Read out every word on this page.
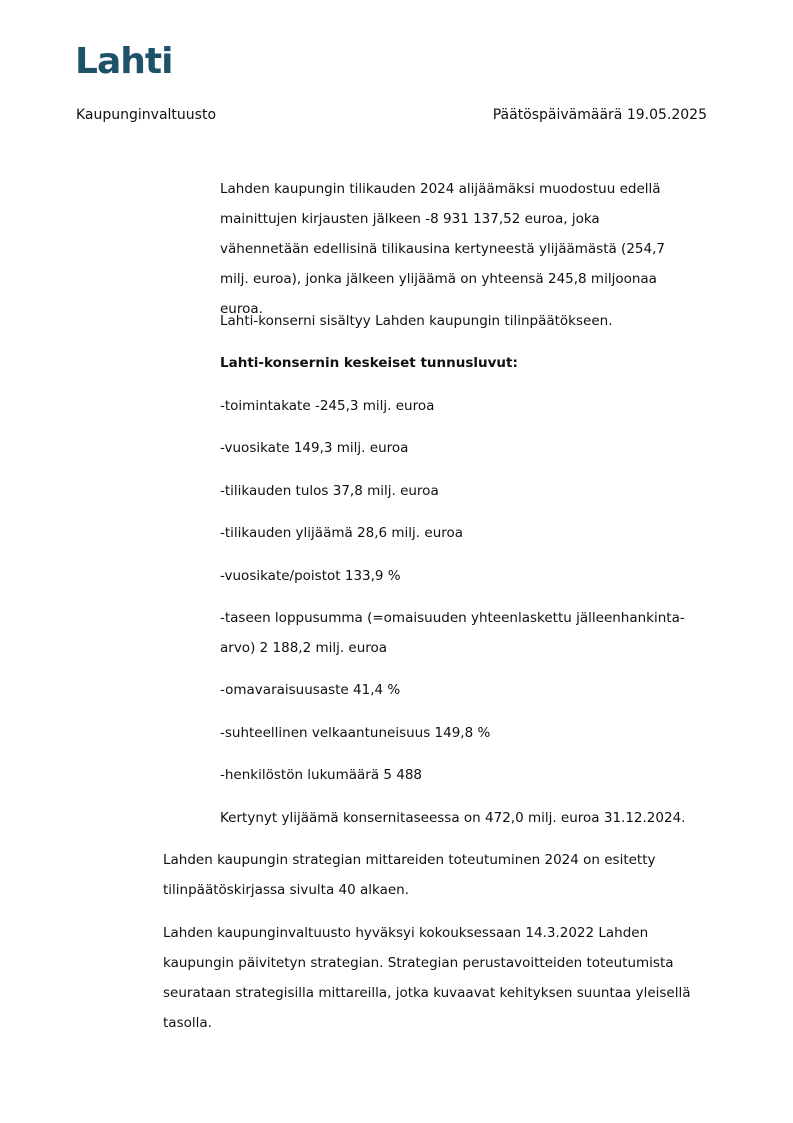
Lahti
Kaupunginvaltuusto	Päätöspäivämäärä 19.05.2025

Lahden kaupungin tilikauden 2024 alijäämäksi muodostuu edellä mainittujen kirjausten jälkeen -8 931 137,52 euroa, joka vähennetään edellisinä tilikausina kertyneestä ylijäämästä (254,7 milj. euroa), jonka jälkeen ylijäämä on yhteensä 245,8 miljoonaa euroa.

Lahti-konserni sisältyy Lahden kaupungin tilinpäätökseen.

Lahti-konsernin keskeiset tunnusluvut:

-toimintakate -245,3 milj. euroa

-vuosikate 149,3 milj. euroa

-tilikauden tulos 37,8 milj. euroa

-tilikauden ylijäämä 28,6 milj. euroa

-vuosikate/poistot 133,9 %

-taseen loppusumma (=omaisuuden yhteenlaskettu jälleenhankinta-arvo) 2 188,2 milj. euroa

-omavaraisuusaste 41,4 %

-suhteellinen velkaantuneisuus 149,8 %

-henkilöstön lukumäärä 5 488

Kertynyt ylijäämä konsernitaseessa on 472,0 milj. euroa 31.12.2024.

Lahden kaupungin strategian mittareiden toteutuminen 2024 on esitetty tilinpäätöskirjassa sivulta 40 alkaen.

Lahden kaupunginvaltuusto hyväksyi kokouksessaan 14.3.2022 Lahden kaupungin päivitetyn strategian. Strategian perustavoitteiden toteutumista seurataan strategisilla mittareilla, jotka kuvaavat kehityksen suuntaa yleisellä tasolla.
